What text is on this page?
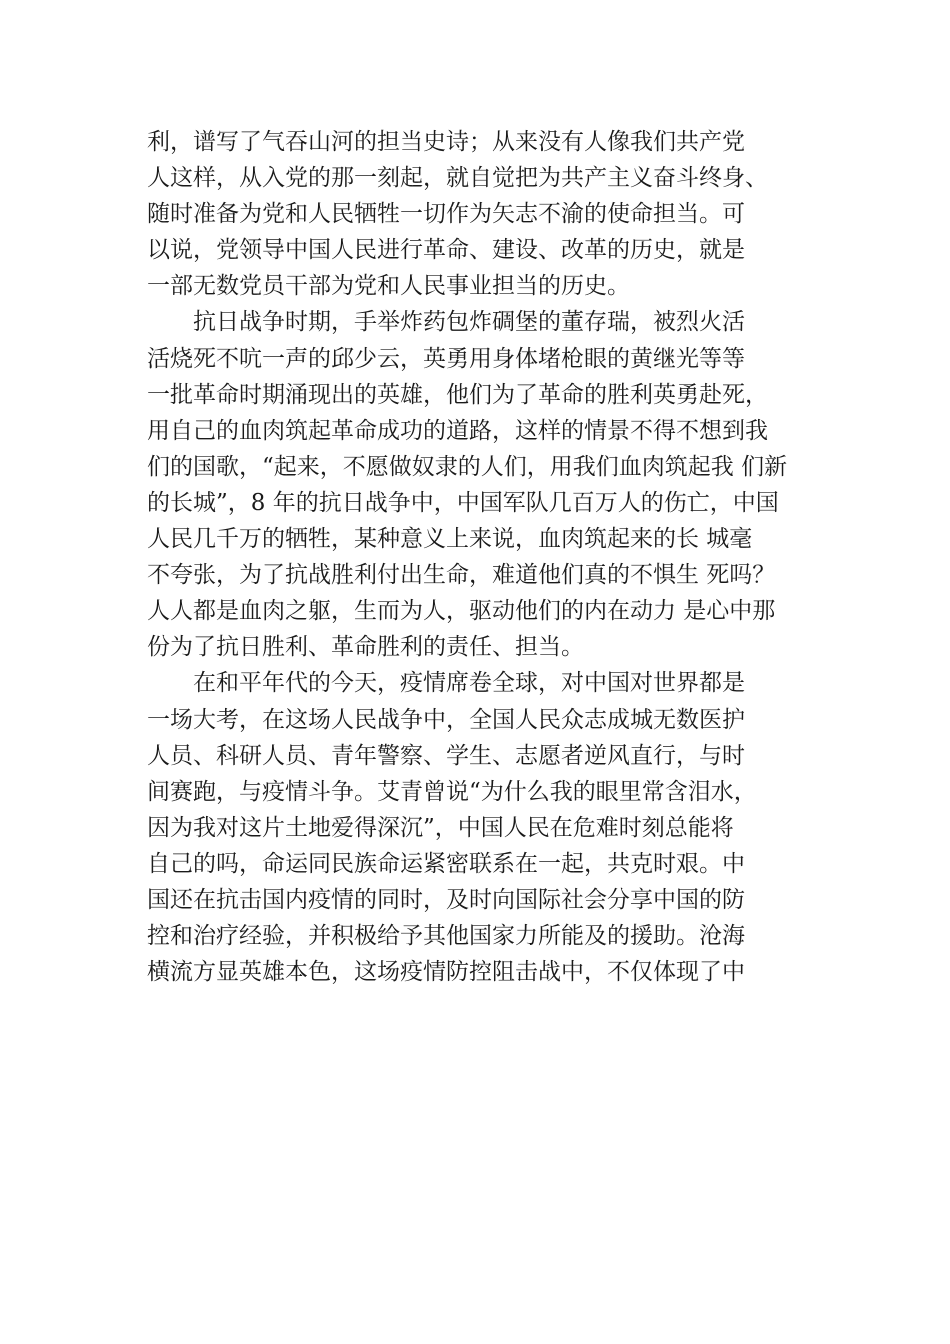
利，谱写了气吞山河的担当史诗；从来没有人像我们共产党
人这样，从入党的那一刻起，就自觉把为共产主义奋斗终身、
随时准备为党和人民牺牲一切作为矢志不渝的使命担当。可
以说，党领导中国人民进行革命、建设、改革的历史，就是
一部无数党员干部为党和人民事业担当的历史。
　　抗日战争时期，手举炸药包炸碉堡的董存瑞，被烈火活
活烧死不吭一声的邱少云，英勇用身体堵枪眼的黄继光等等
一批革命时期涌现出的英雄，他们为了革命的胜利英勇赴死，
用自己的血肉筑起革命成功的道路，这样的情景不得不想到我
们的国歌，“起来，不愿做奴隶的人们，用我们血肉筑起我 们新
的长城”，8 年的抗日战争中，中国军队几百万人的伤亡，中国
人民几千万的牺牲，某种意义上来说，血肉筑起来的长 城毫
不夸张，为了抗战胜利付出生命，难道他们真的不惧生 死吗？
人人都是血肉之躯，生而为人，驱动他们的内在动力 是心中那
份为了抗日胜利、革命胜利的责任、担当。
　　在和平年代的今天，疫情席卷全球，对中国对世界都是
一场大考，在这场人民战争中，全国人民众志成城无数医护
人员、科研人员、青年警察、学生、志愿者逆风直行，与时
间赛跑，与疫情斗争。艾青曾说“为什么我的眼里常含泪水，
因为我对这片土地爱得深沉”，中国人民在危难时刻总能将
自己的吗，命运同民族命运紧密联系在一起，共克时艰。中
国还在抗击国内疫情的同时，及时向国际社会分享中国的防
控和治疗经验，并积极给予其他国家力所能及的援助。沧海
横流方显英雄本色，这场疫情防控阻击战中，不仅体现了中
